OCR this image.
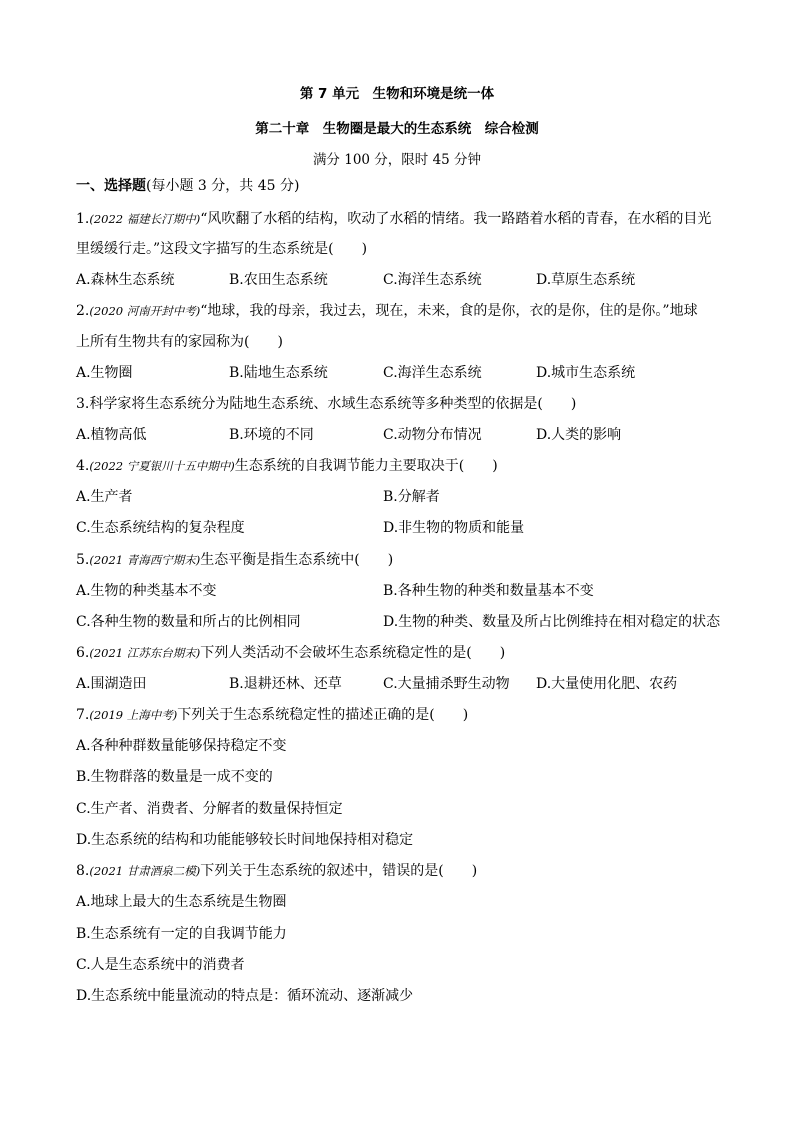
第 7 单元　生物和环境是统一体
第二十章　生物圈是最大的生态系统　综合检测
满分 100 分，限时 45 分钟
一、选择题(每小题 3 分，共 45 分)
1.(2022 福建长汀期中)“风吹翻了水稻的结构，吹动了水稻的情绪。我一路踏着水稻的青春，在水稻的目光
里缓缓行走。”这段文字描写的生态系统是(　　)
A.森林生态系统	B.农田生态系统	C.海洋生态系统	D.草原生态系统
2.(2020 河南开封中考)“地球，我的母亲，我过去，现在，未来，食的是你，衣的是你，住的是你。”地球
上所有生物共有的家园称为(　　)
A.生物圈	B.陆地生态系统	C.海洋生态系统	D.城市生态系统
3.科学家将生态系统分为陆地生态系统、水域生态系统等多种类型的依据是(　　)
A.植物高低	B.环境的不同	C.动物分布情况	D.人类的影响
4.(2022 宁夏银川十五中期中)生态系统的自我调节能力主要取决于(　　)
A.生产者	B.分解者
C.生态系统结构的复杂程度	D.非生物的物质和能量
5.(2021 青海西宁期末)生态平衡是指生态系统中(　　)
A.生物的种类基本不变	B.各种生物的种类和数量基本不变
C.各种生物的数量和所占的比例相同	D.生物的种类、数量及所占比例维持在相对稳定的状态
6.(2021 江苏东台期末)下列人类活动不会破坏生态系统稳定性的是(　　)
A.围湖造田	B.退耕还林、还草	C.大量捕杀野生动物 D.大量使用化肥、农药
7.(2019 上海中考)下列关于生态系统稳定性的描述正确的是(　　)
A.各种种群数量能够保持稳定不变
B.生物群落的数量是一成不变的
C.生产者、消费者、分解者的数量保持恒定
D.生态系统的结构和功能能够较长时间地保持相对稳定
8.(2021 甘肃酒泉二模)下列关于生态系统的叙述中，错误的是(　　)
A.地球上最大的生态系统是生物圈
B.生态系统有一定的自我调节能力
C.人是生态系统中的消费者
D.生态系统中能量流动的特点是：循环流动、逐渐减少
